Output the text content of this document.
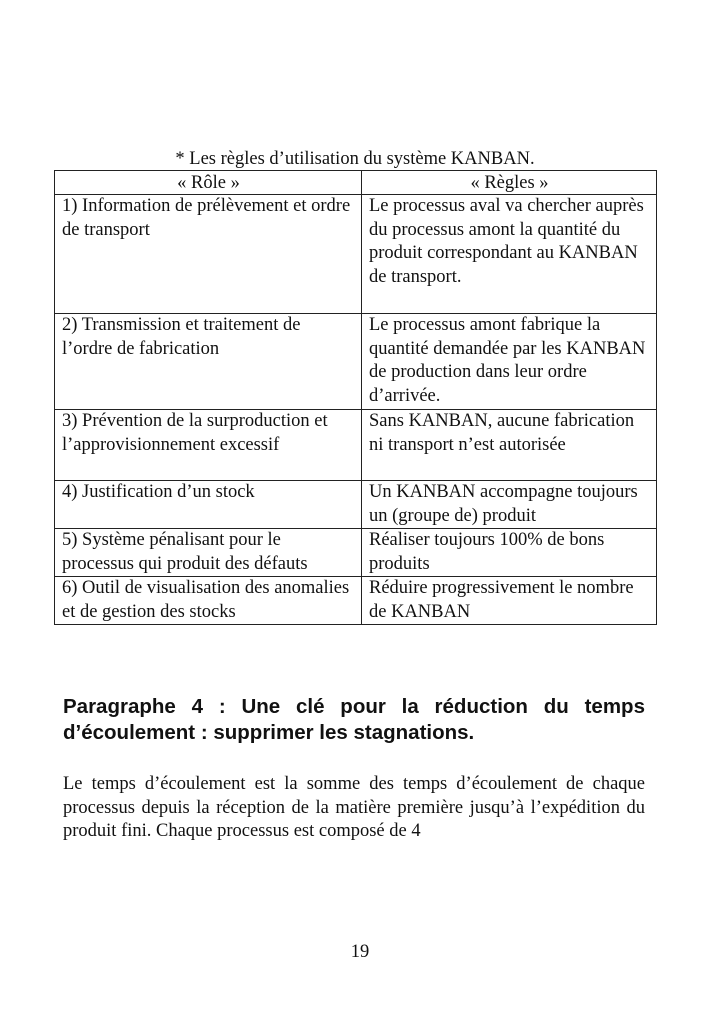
* Les règles d’utilisation du système KANBAN.
« Rôle »	« Règles »
1) Information de prélèvement et ordre de transport	Le processus aval va chercher auprès du processus amont la quantité du produit correspondant au KANBAN de transport.
2) Transmission et traitement de l’ordre de fabrication	Le processus amont fabrique la quantité demandée par les KANBAN de production dans leur ordre d’arrivée.
3) Prévention de la surproduction et l’approvisionnement excessif	Sans KANBAN, aucune fabrication ni transport n’est autorisée
4) Justification d’un stock	Un KANBAN accompagne toujours un (groupe de) produit
5) Système pénalisant pour le processus qui produit des défauts	Réaliser toujours 100% de bons produits
6) Outil de visualisation des anomalies et de gestion des stocks	Réduire progressivement le nombre de KANBAN
Paragraphe 4 : Une clé pour la réduction du temps d’écoulement : supprimer les stagnations.
Le temps d’écoulement est la somme des temps d’écoulement de chaque processus depuis la réception de la matière première jusqu’à l’expédition du produit fini. Chaque processus est composé de 4
19
